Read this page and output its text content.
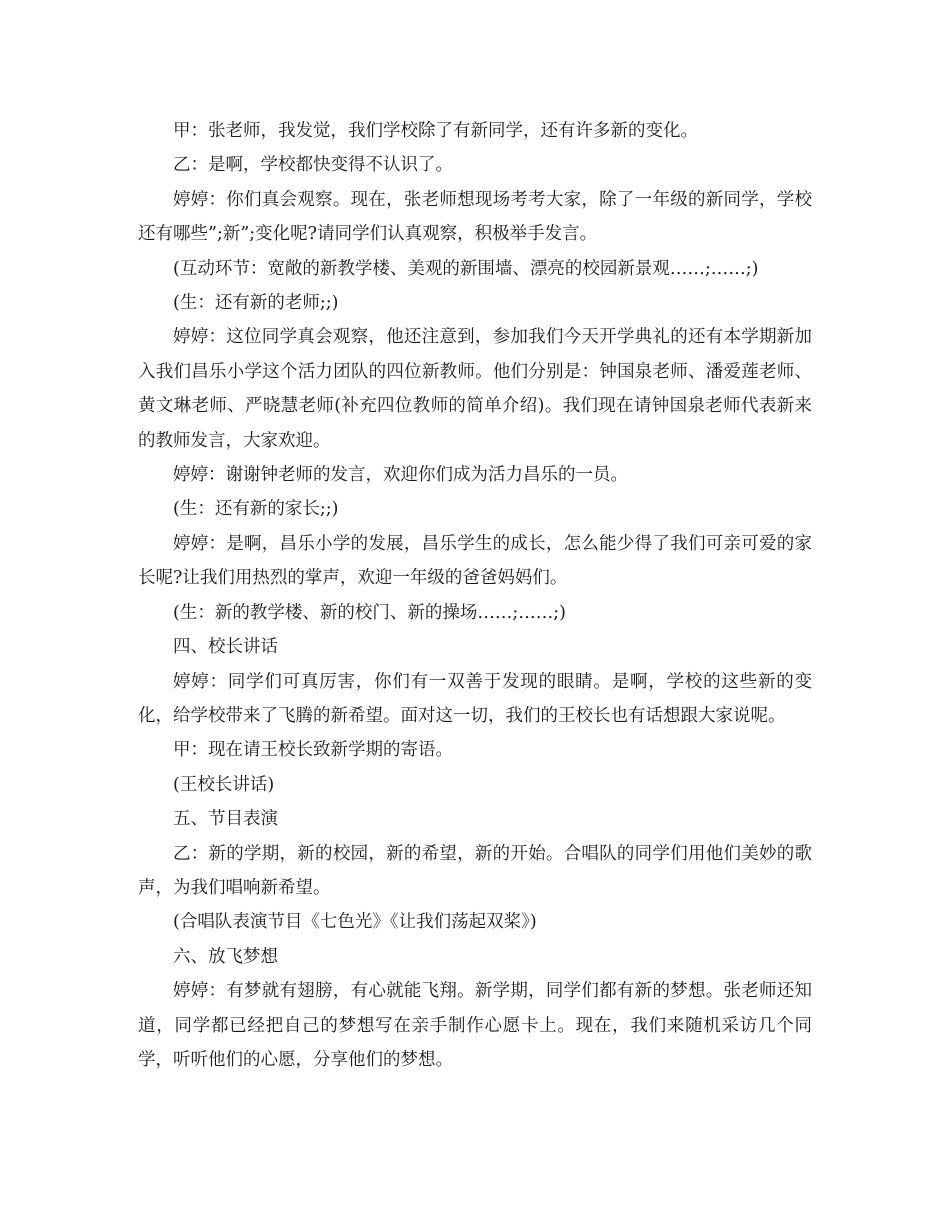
甲：张老师，我发觉，我们学校除了有新同学，还有许多新的变化。

乙：是啊，学校都快变得不认识了。

婷婷：你们真会观察。现在，张老师想现场考考大家，除了一年级的新同学，学校还有哪些”;新”;变化呢?请同学们认真观察，积极举手发言。

(互动环节：宽敞的新教学楼、美观的新围墙、漂亮的校园新景观……;……;)

(生：还有新的老师;;)

婷婷：这位同学真会观察，他还注意到，参加我们今天开学典礼的还有本学期新加入我们昌乐小学这个活力团队的四位新教师。他们分别是：钟国泉老师、潘爱莲老师、黄文琳老师、严晓慧老师(补充四位教师的简单介绍)。我们现在请钟国泉老师代表新来的教师发言，大家欢迎。

婷婷：谢谢钟老师的发言，欢迎你们成为活力昌乐的一员。

(生：还有新的家长;;)

婷婷：是啊，昌乐小学的发展，昌乐学生的成长，怎么能少得了我们可亲可爱的家长呢?让我们用热烈的掌声，欢迎一年级的爸爸妈妈们。

(生：新的教学楼、新的校门、新的操场……;……;)

四、校长讲话

婷婷：同学们可真厉害，你们有一双善于发现的眼睛。是啊，学校的这些新的变化，给学校带来了飞腾的新希望。面对这一切，我们的王校长也有话想跟大家说呢。

甲：现在请王校长致新学期的寄语。

(王校长讲话)

五、节目表演

乙：新的学期，新的校园，新的希望，新的开始。合唱队的同学们用他们美妙的歌声，为我们唱响新希望。

(合唱队表演节目《七色光》《让我们荡起双桨》)

六、放飞梦想

婷婷：有梦就有翅膀，有心就能飞翔。新学期，同学们都有新的梦想。张老师还知道，同学都已经把自己的梦想写在亲手制作心愿卡上。现在，我们来随机采访几个同学，听听他们的心愿，分享他们的梦想。
